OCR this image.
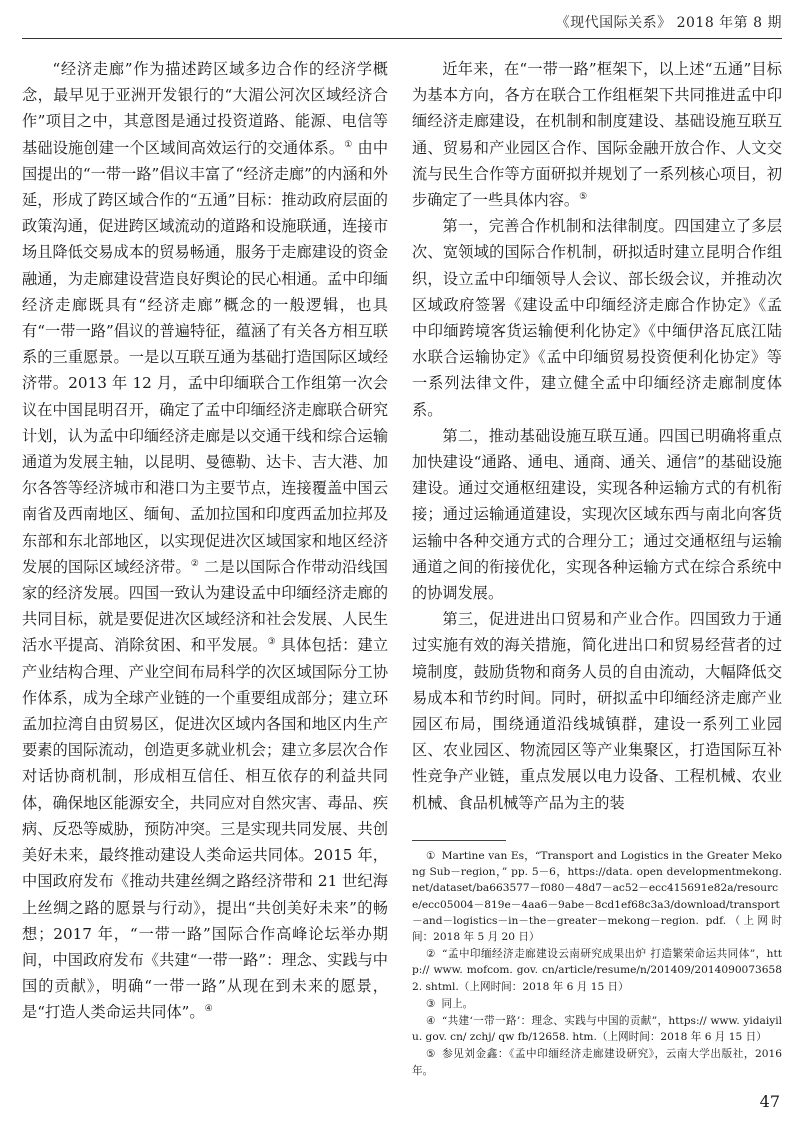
《现代国际关系》 2018 年第 8 期

“经济走廊”作为描述跨区域多边合作的经济学概念，最早见于亚洲开发银行的“大湄公河次区域经济合作”项目之中，其意图是通过投资道路、能源、电信等基础设施创建一个区域间高效运行的交通体系。① 由中国提出的“一带一路”倡议丰富了“经济走廊”的内涵和外延，形成了跨区域合作的“五通”目标：推动政府层面的政策沟通，促进跨区域流动的道路和设施联通，连接市场且降低交易成本的贸易畅通，服务于走廊建设的资金融通，为走廊建设营造良好舆论的民心相通。孟中印缅经济走廊既具有“经济走廊”概念的一般逻辑，也具有“一带一路”倡议的普遍特征，蕴涵了有关各方相互联系的三重愿景。一是以互联互通为基础打造国际区域经济带。2013 年 12 月，孟中印缅联合工作组第一次会议在中国昆明召开，确定了孟中印缅经济走廊联合研究计划，认为孟中印缅经济走廊是以交通干线和综合运输通道为发展主轴，以昆明、曼德勒、达卡、吉大港、加尔各答等经济城市和港口为主要节点，连接覆盖中国云南省及西南地区、缅甸、孟加拉国和印度西孟加拉邦及东部和东北部地区，以实现促进次区域国家和地区经济发展的国际区域经济带。② 二是以国际合作带动沿线国家的经济发展。四国一致认为建设孟中印缅经济走廊的共同目标，就是要促进次区域经济和社会发展、人民生活水平提高、消除贫困、和平发展。③ 具体包括：建立产业结构合理、产业空间布局科学的次区域国际分工协作体系，成为全球产业链的一个重要组成部分；建立环孟加拉湾自由贸易区，促进次区域内各国和地区内生产要素的国际流动，创造更多就业机会；建立多层次合作对话协商机制，形成相互信任、相互依存的利益共同体，确保地区能源安全，共同应对自然灾害、毒品、疾病、反恐等威胁，预防冲突。三是实现共同发展、共创美好未来，最终推动建设人类命运共同体。2015 年，中国政府发布《推动共建丝绸之路经济带和 21 世纪海上丝绸之路的愿景与行动》，提出“共创美好未来”的畅想；2017 年，“一带一路”国际合作高峰论坛举办期间，中国政府发布《共建“一带一路”：理念、实践与中国的贡献》，明确“一带一路”从现在到未来的愿景，是“打造人类命运共同体”。④

近年来，在“一带一路”框架下，以上述“五通”目标为基本方向，各方在联合工作组框架下共同推进孟中印缅经济走廊建设，在机制和制度建设、基础设施互联互通、贸易和产业园区合作、国际金融开放合作、人文交流与民生合作等方面研拟并规划了一系列核心项目，初步确定了一些具体内容。⑤

第一，完善合作机制和法律制度。四国建立了多层次、宽领域的国际合作机制，研拟适时建立昆明合作组织，设立孟中印缅领导人会议、部长级会议，并推动次区域政府签署《建设孟中印缅经济走廊合作协定》《孟中印缅跨境客货运输便利化协定》《中缅伊洛瓦底江陆水联合运输协定》《孟中印缅贸易投资便利化协定》等一系列法律文件，建立健全孟中印缅经济走廊制度体系。

第二，推动基础设施互联互通。四国已明确将重点加快建设“通路、通电、通商、通关、通信”的基础设施建设。通过交通枢纽建设，实现各种运输方式的有机衔接；通过运输通道建设，实现次区域东西与南北向客货运输中各种交通方式的合理分工；通过交通枢纽与运输通道之间的衔接优化，实现各种运输方式在综合系统中的协调发展。

第三，促进进出口贸易和产业合作。四国致力于通过实施有效的海关措施，简化进出口和贸易经营者的过境制度，鼓励货物和商务人员的自由流动，大幅降低交易成本和节约时间。同时，研拟孟中印缅经济走廊产业园区布局，围绕通道沿线城镇群，建设一系列工业园区、农业园区、物流园区等产业集聚区，打造国际互补性竞争产业链，重点发展以电力设备、工程机械、农业机械、食品机械等产品为主的装

① Martine van Es，“Transport and Logistics in the Greater Mekong Sub－region，” pp. 5－6，https://data. open developmentmekong. net/dataset/ba663577－f080－48d7－ac52－ecc415691e82a/resource/ecc05004－819e－4aa6－9abe－8cd1ef68c3a3/download/transport－and－logistics－in－the－greater－mekong－region. pdf.（上网时间：2018 年 5 月 20 日）

② “孟中印缅经济走廊建设云南研究成果出炉 打造繁荣命运共同体”，http:// www. mofcom. gov. cn/article/resume/n/201409/20140900736582. shtml.（上网时间：2018 年 6 月 15 日）

③ 同上。

④ “共建‘一带一路’：理念、实践与中国的贡献”，https:// www. yidaiyilu. gov. cn/ zchj/ qw fb/12658. htm.（上网时间：2018 年 6 月 15 日）

⑤ 参见刘金鑫：《孟中印缅经济走廊建设研究》，云南大学出版社，2016 年。

47
